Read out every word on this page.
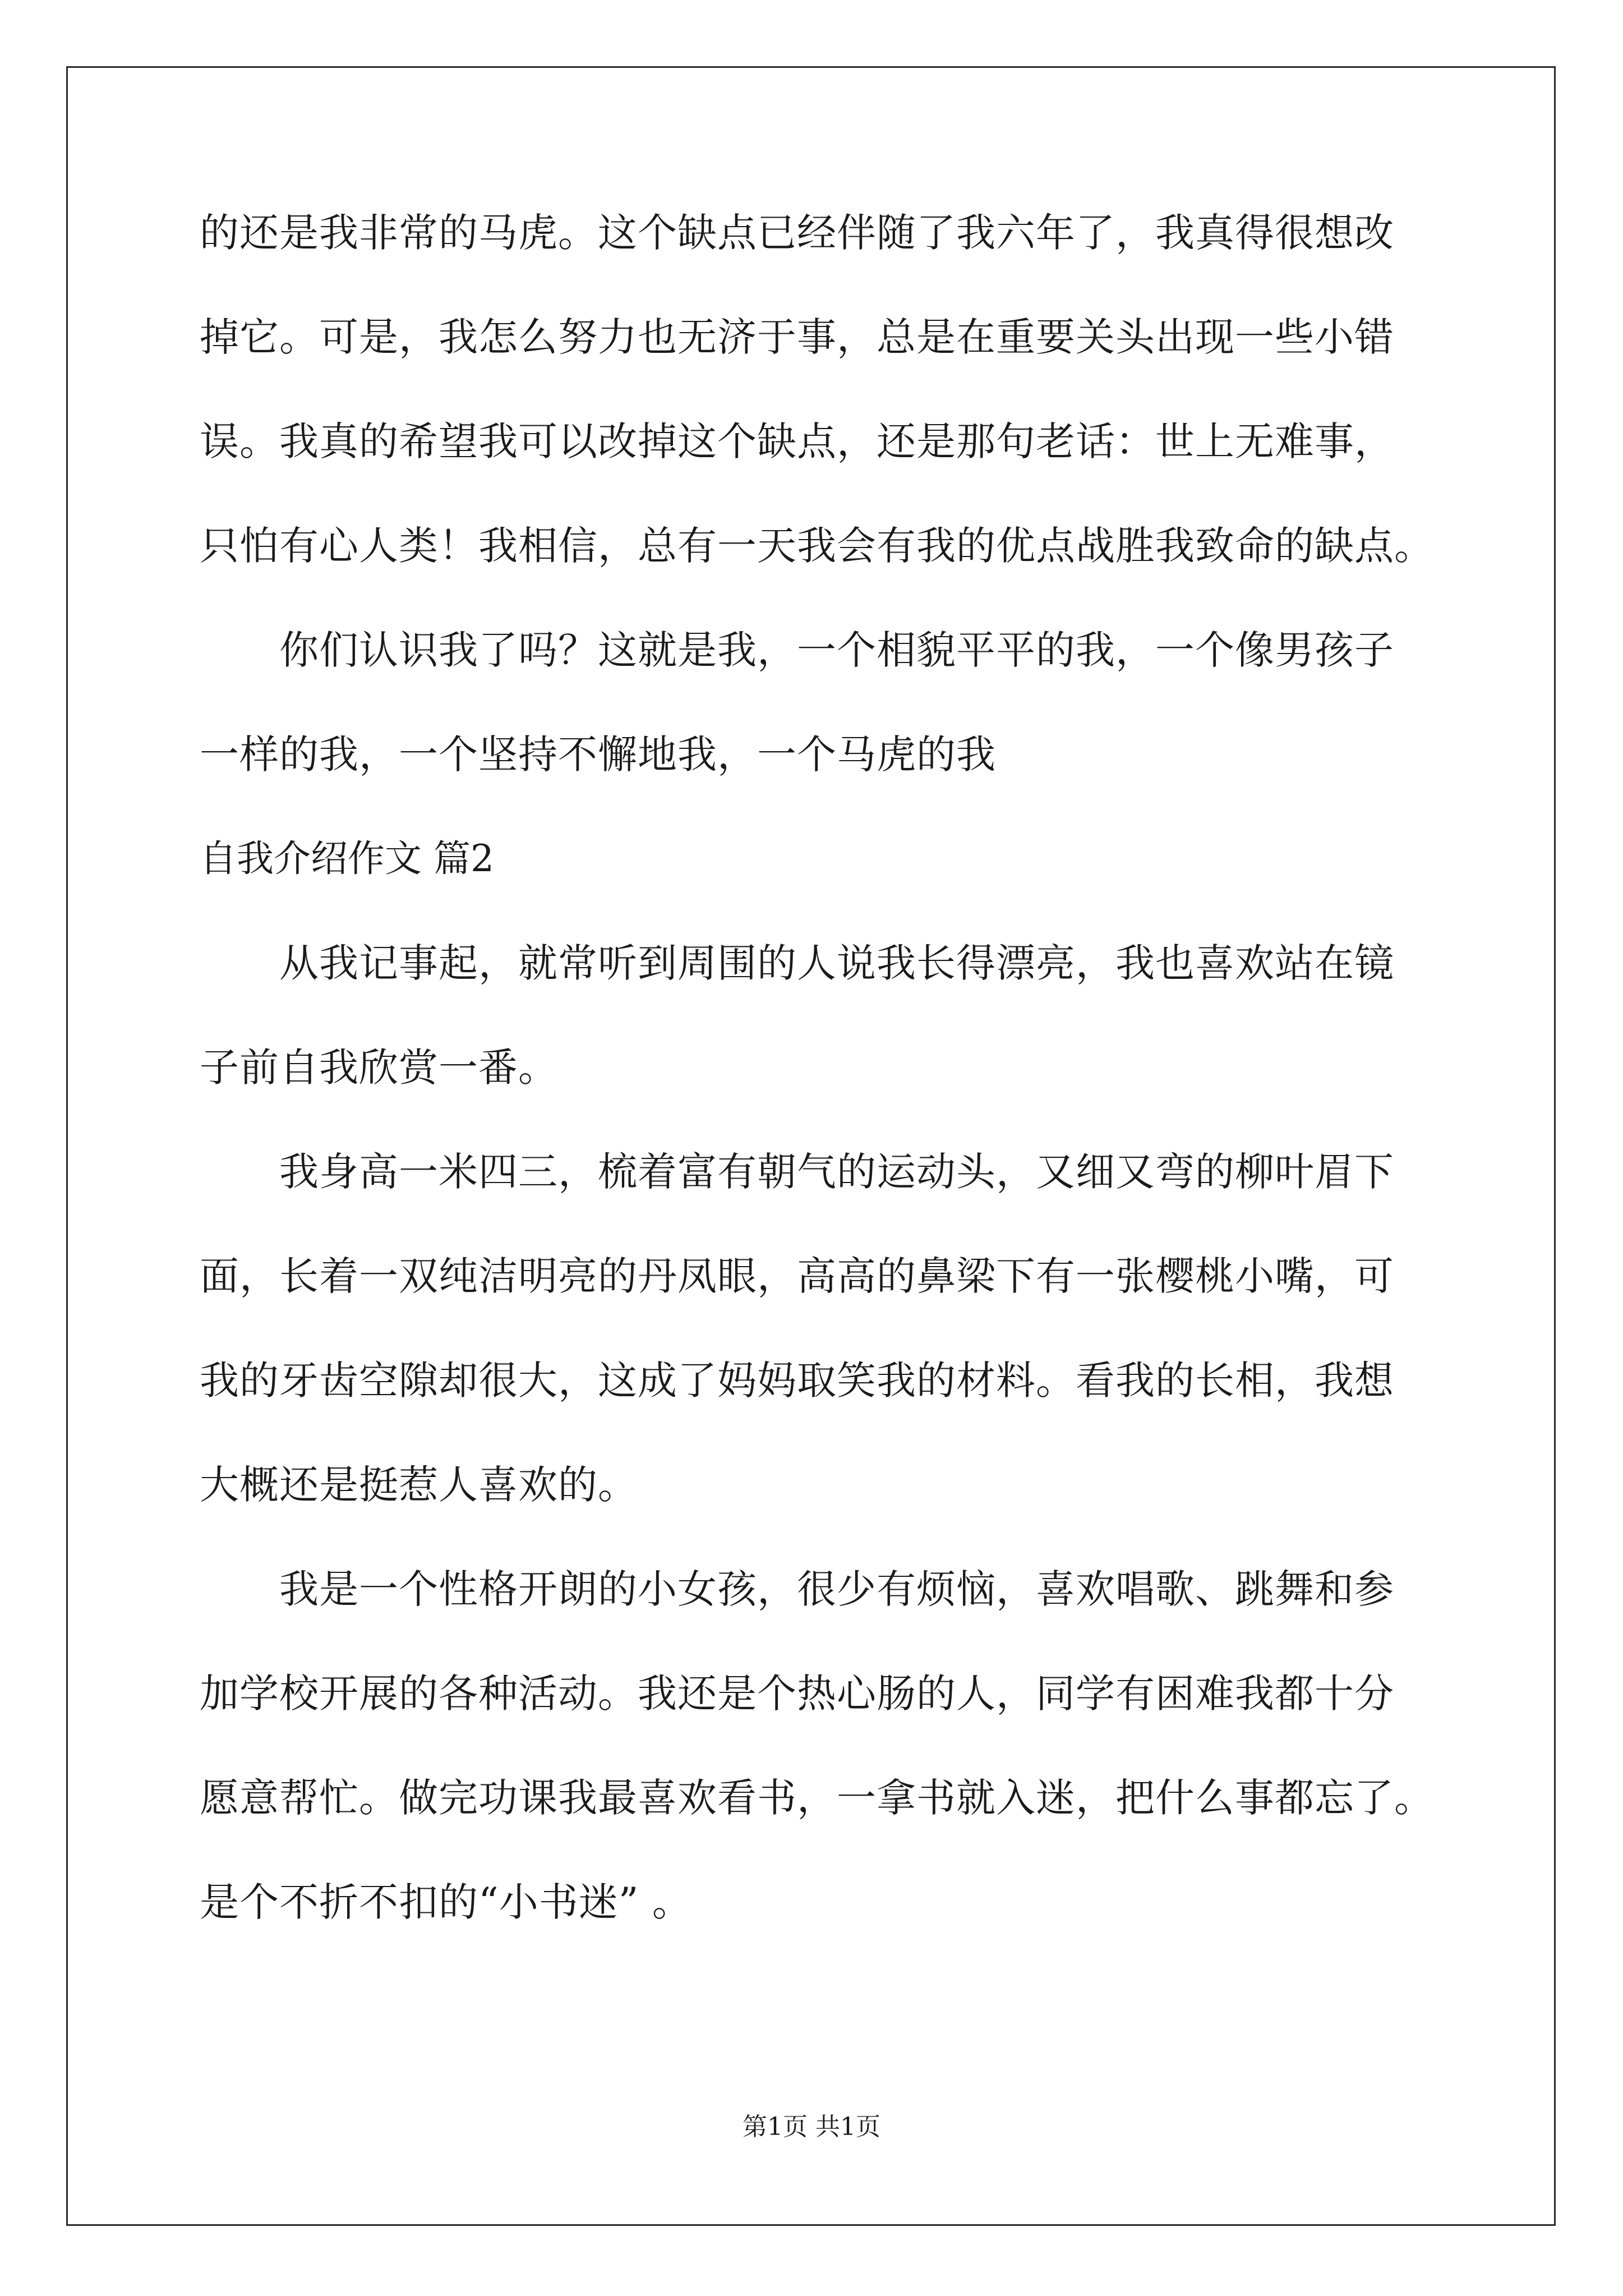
的还是我非常的马虎。这个缺点已经伴随了我六年了，我真得很想改
掉它。可是，我怎么努力也无济于事，总是在重要关头出现一些小错
误。我真的希望我可以改掉这个缺点，还是那句老话：世上无难事，
只怕有心人类！我相信，总有一天我会有我的优点战胜我致命的缺点。
你们认识我了吗？这就是我，一个相貌平平的我，一个像男孩子
一样的我，一个坚持不懈地我，一个马虎的我
自我介绍作文 篇2
从我记事起，就常听到周围的人说我长得漂亮，我也喜欢站在镜
子前自我欣赏一番。
我身高一米四三，梳着富有朝气的运动头，又细又弯的柳叶眉下
面，长着一双纯洁明亮的丹凤眼，高高的鼻梁下有一张樱桃小嘴，可
我的牙齿空隙却很大，这成了妈妈取笑我的材料。看我的长相，我想
大概还是挺惹人喜欢的。
我是一个性格开朗的小女孩，很少有烦恼，喜欢唱歌、跳舞和参
加学校开展的各种活动。我还是个热心肠的人，同学有困难我都十分
愿意帮忙。做完功课我最喜欢看书，一拿书就入迷，把什么事都忘了。
是个不折不扣的“小书迷” 。
第1页 共1页
